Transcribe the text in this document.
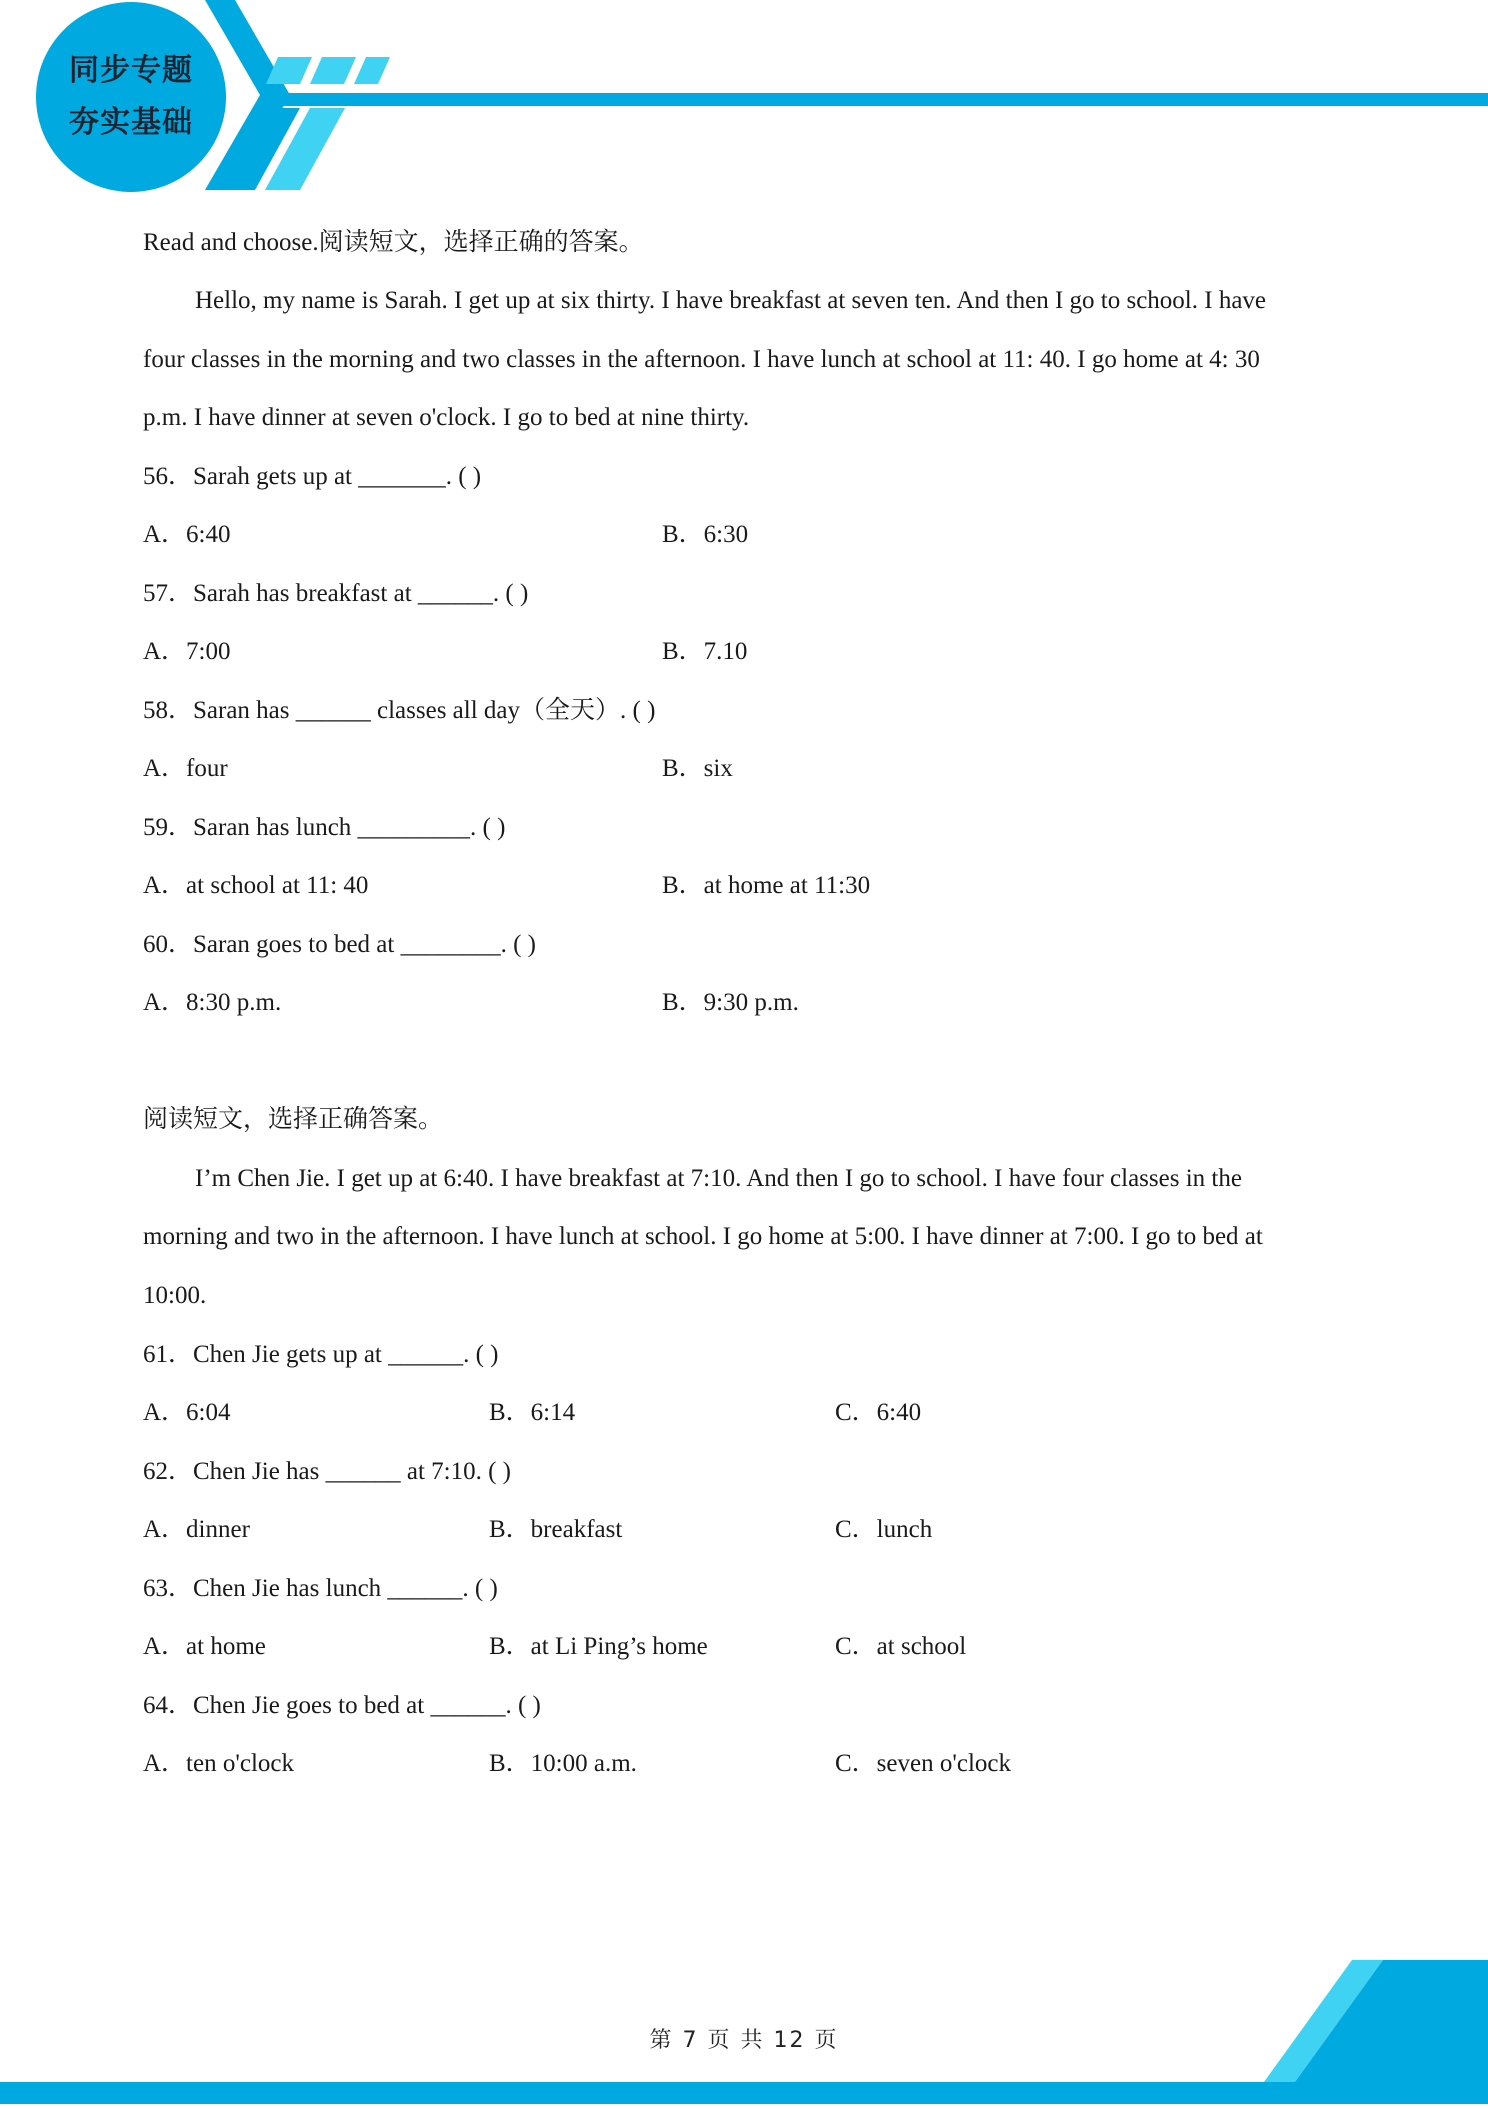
同步专题
夯实基础
Read and choose.阅读短文，选择正确的答案。
Hello, my name is Sarah. I get up at six thirty. I have breakfast at seven ten. And then I go to school. I have
four classes in the morning and two classes in the afternoon. I have lunch at school at 11: 40. I go home at 4: 30
p.m. I have dinner at seven o'clock. I go to bed at nine thirty.
56．Sarah gets up at _______. ( )
A．6:40	B．6:30
57．Sarah has breakfast at ______. ( )
A．7:00	B．7.10
58．Saran has ______ classes all day（全天）. ( )
A．four	B．six
59．Saran has lunch _________. ( )
A．at school at 11: 40	B．at home at 11:30
60．Saran goes to bed at ________. ( )
A．8:30 p.m.	B．9:30 p.m.
阅读短文，选择正确答案。
I’m Chen Jie. I get up at 6:40. I have breakfast at 7:10. And then I go to school. I have four classes in the
morning and two in the afternoon. I have lunch at school. I go home at 5:00. I have dinner at 7:00. I go to bed at
10:00.
61．Chen Jie gets up at ______. ( )
A．6:04	B．6:14	C．6:40
62．Chen Jie has ______ at 7:10. ( )
A．dinner	B．breakfast	C．lunch
63．Chen Jie has lunch ______. ( )
A．at home	B．at Li Ping’s home	C．at school
64．Chen Jie goes to bed at ______. ( )
A．ten o'clock	B．10:00 a.m.	C．seven o'clock
第 7 页 共 12 页
